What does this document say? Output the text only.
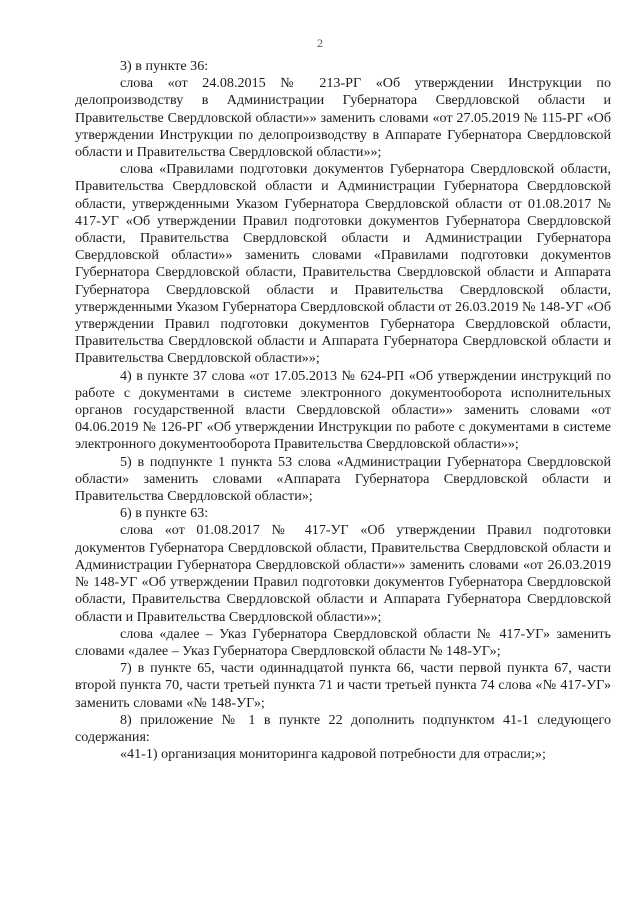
2

3) в пункте 36:

слова «от 24.08.2015 № 213-РГ «Об утверждении Инструкции по делопроизводству в Администрации Губернатора Свердловской области и Правительстве Свердловской области»» заменить словами «от 27.05.2019 № 115-РГ «Об утверждении Инструкции по делопроизводству в Аппарате Губернатора Свердловской области и Правительства Свердловской области»»;

слова «Правилами подготовки документов Губернатора Свердловской области, Правительства Свердловской области и Администрации Губернатора Свердловской области, утвержденными Указом Губернатора Свердловской области от 01.08.2017 № 417-УГ «Об утверждении Правил подготовки документов Губернатора Свердловской области, Правительства Свердловской области и Администрации Губернатора Свердловской области»» заменить словами «Правилами подготовки документов Губернатора Свердловской области, Правительства Свердловской области и Аппарата Губернатора Свердловской области и Правительства Свердловской области, утвержденными Указом Губернатора Свердловской области от 26.03.2019 № 148-УГ «Об утверждении Правил подготовки документов Губернатора Свердловской области, Правительства Свердловской области и Аппарата Губернатора Свердловской области и Правительства Свердловской области»»;

4) в пункте 37 слова «от 17.05.2013 № 624-РП «Об утверждении инструкций по работе с документами в системе электронного документооборота исполнительных органов государственной власти Свердловской области»» заменить словами «от 04.06.2019 № 126-РГ «Об утверждении Инструкции по работе с документами в системе электронного документооборота Правительства Свердловской области»»;

5) в подпункте 1 пункта 53 слова «Администрации Губернатора Свердловской области» заменить словами «Аппарата Губернатора Свердловской области и Правительства Свердловской области»;

6) в пункте 63:

слова «от 01.08.2017 № 417-УГ «Об утверждении Правил подготовки документов Губернатора Свердловской области, Правительства Свердловской области и Администрации Губернатора Свердловской области»» заменить словами «от 26.03.2019 № 148-УГ «Об утверждении Правил подготовки документов Губернатора Свердловской области, Правительства Свердловской области и Аппарата Губернатора Свердловской области и Правительства Свердловской области»»;

слова «далее – Указ Губернатора Свердловской области № 417-УГ» заменить словами «далее – Указ Губернатора Свердловской области № 148-УГ»;

7) в пункте 65, части одиннадцатой пункта 66, части первой пункта 67, части второй пункта 70, части третьей пункта 71 и части третьей пункта 74 слова «№ 417-УГ» заменить словами «№ 148-УГ»;

8) приложение № 1 в пункте 22 дополнить подпунктом 41-1 следующего содержания:

«41-1) организация мониторинга кадровой потребности для отрасли;»;
